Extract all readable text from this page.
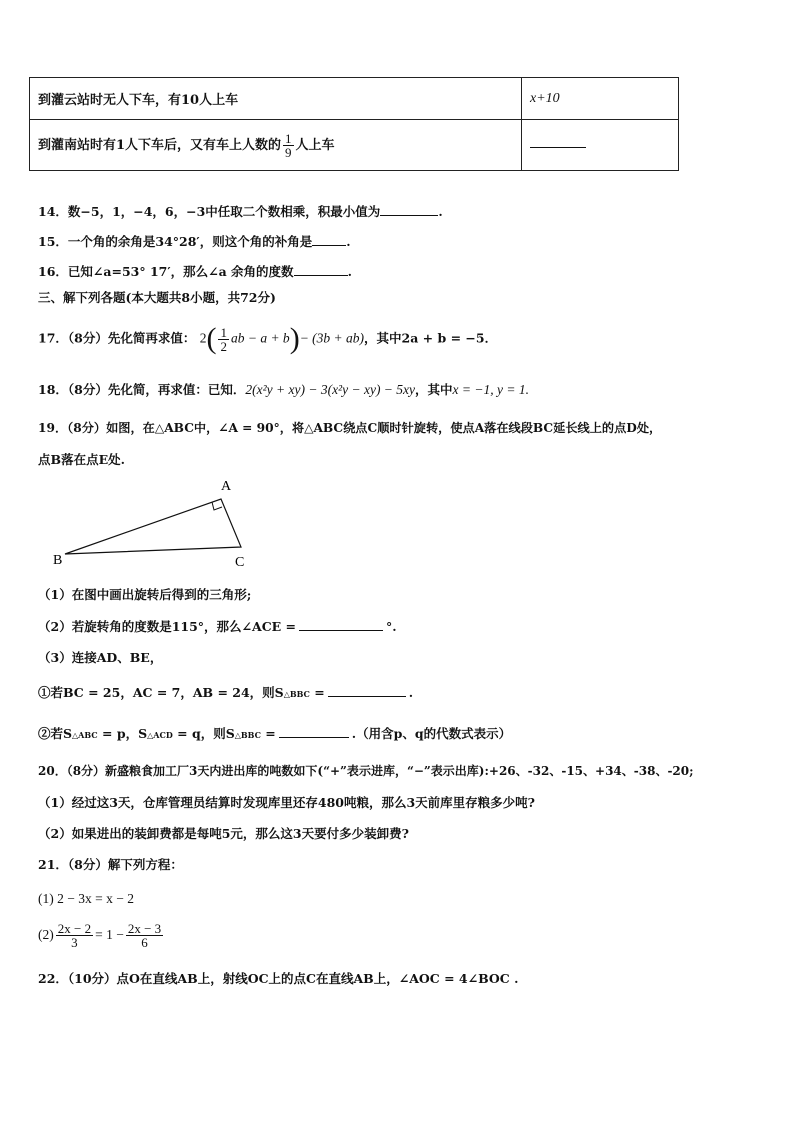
到灌云站时无人下车，有10人上车	x+10
到灌南站时有1人下车后，又有车上人数的 $\frac{1}{9}$ 人上车	
14．数−5，1，−4，6，−3中任取二个数相乘，积最小值为	.
15．一个角的余角是34°28′，则这个角的补角是	.
16．已知∠a=53° 17′，那么∠a 余角的度数	.
三、解下列各题(本大题共8小题，共72分)
17．（8分）先化简再求值： $2( \frac{1}{2}$ ab − a + b)− (3b + ab)，其中2a + b = −5．
18．（8分）先化简，再求值：已知．2(x²y + xy) − 3(x²y − xy) − 5xy，其中x = −1, y = 1.
19．（8分）如图，在△ABC中，∠A = 90°，将△ABC绕点C顺时针旋转，使点A落在线段BC延长线上的点D处，
点B落在点E处.
A
B	C
（1）在图中画出旋转后得到的三角形;
（2）若旋转角的度数是115°，那么∠ACE =	°.
（3）连接AD、BE，
①若BC = 25，AC = 7，AB = 24，则S△BBC =	.
②若S△ABC = p，S△ACD = q，则S△BBC =	.（用含p、q的代数式表示）
20．（8分）新盛粮食加工厂3天内进出库的吨数如下(“+”表示进库，“−”表示出库):+26、-32、-15、+34、-38、-20;
（1）经过这3天，仓库管理员结算时发现库里还存480吨粮，那么3天前库里存粮多少吨?
（2）如果进出的装卸费都是每吨5元，那么这3天要付多少装卸费?
21．（8分）解下列方程：
(1) 2 − 3x = x − 2
$(2) \frac{2x - 2}{3} = 1 - \frac{2x - 3}{6}$
22．（10分）点O在直线AB上，射线OC上的点C在直线AB上，∠AOC = 4∠BOC .
